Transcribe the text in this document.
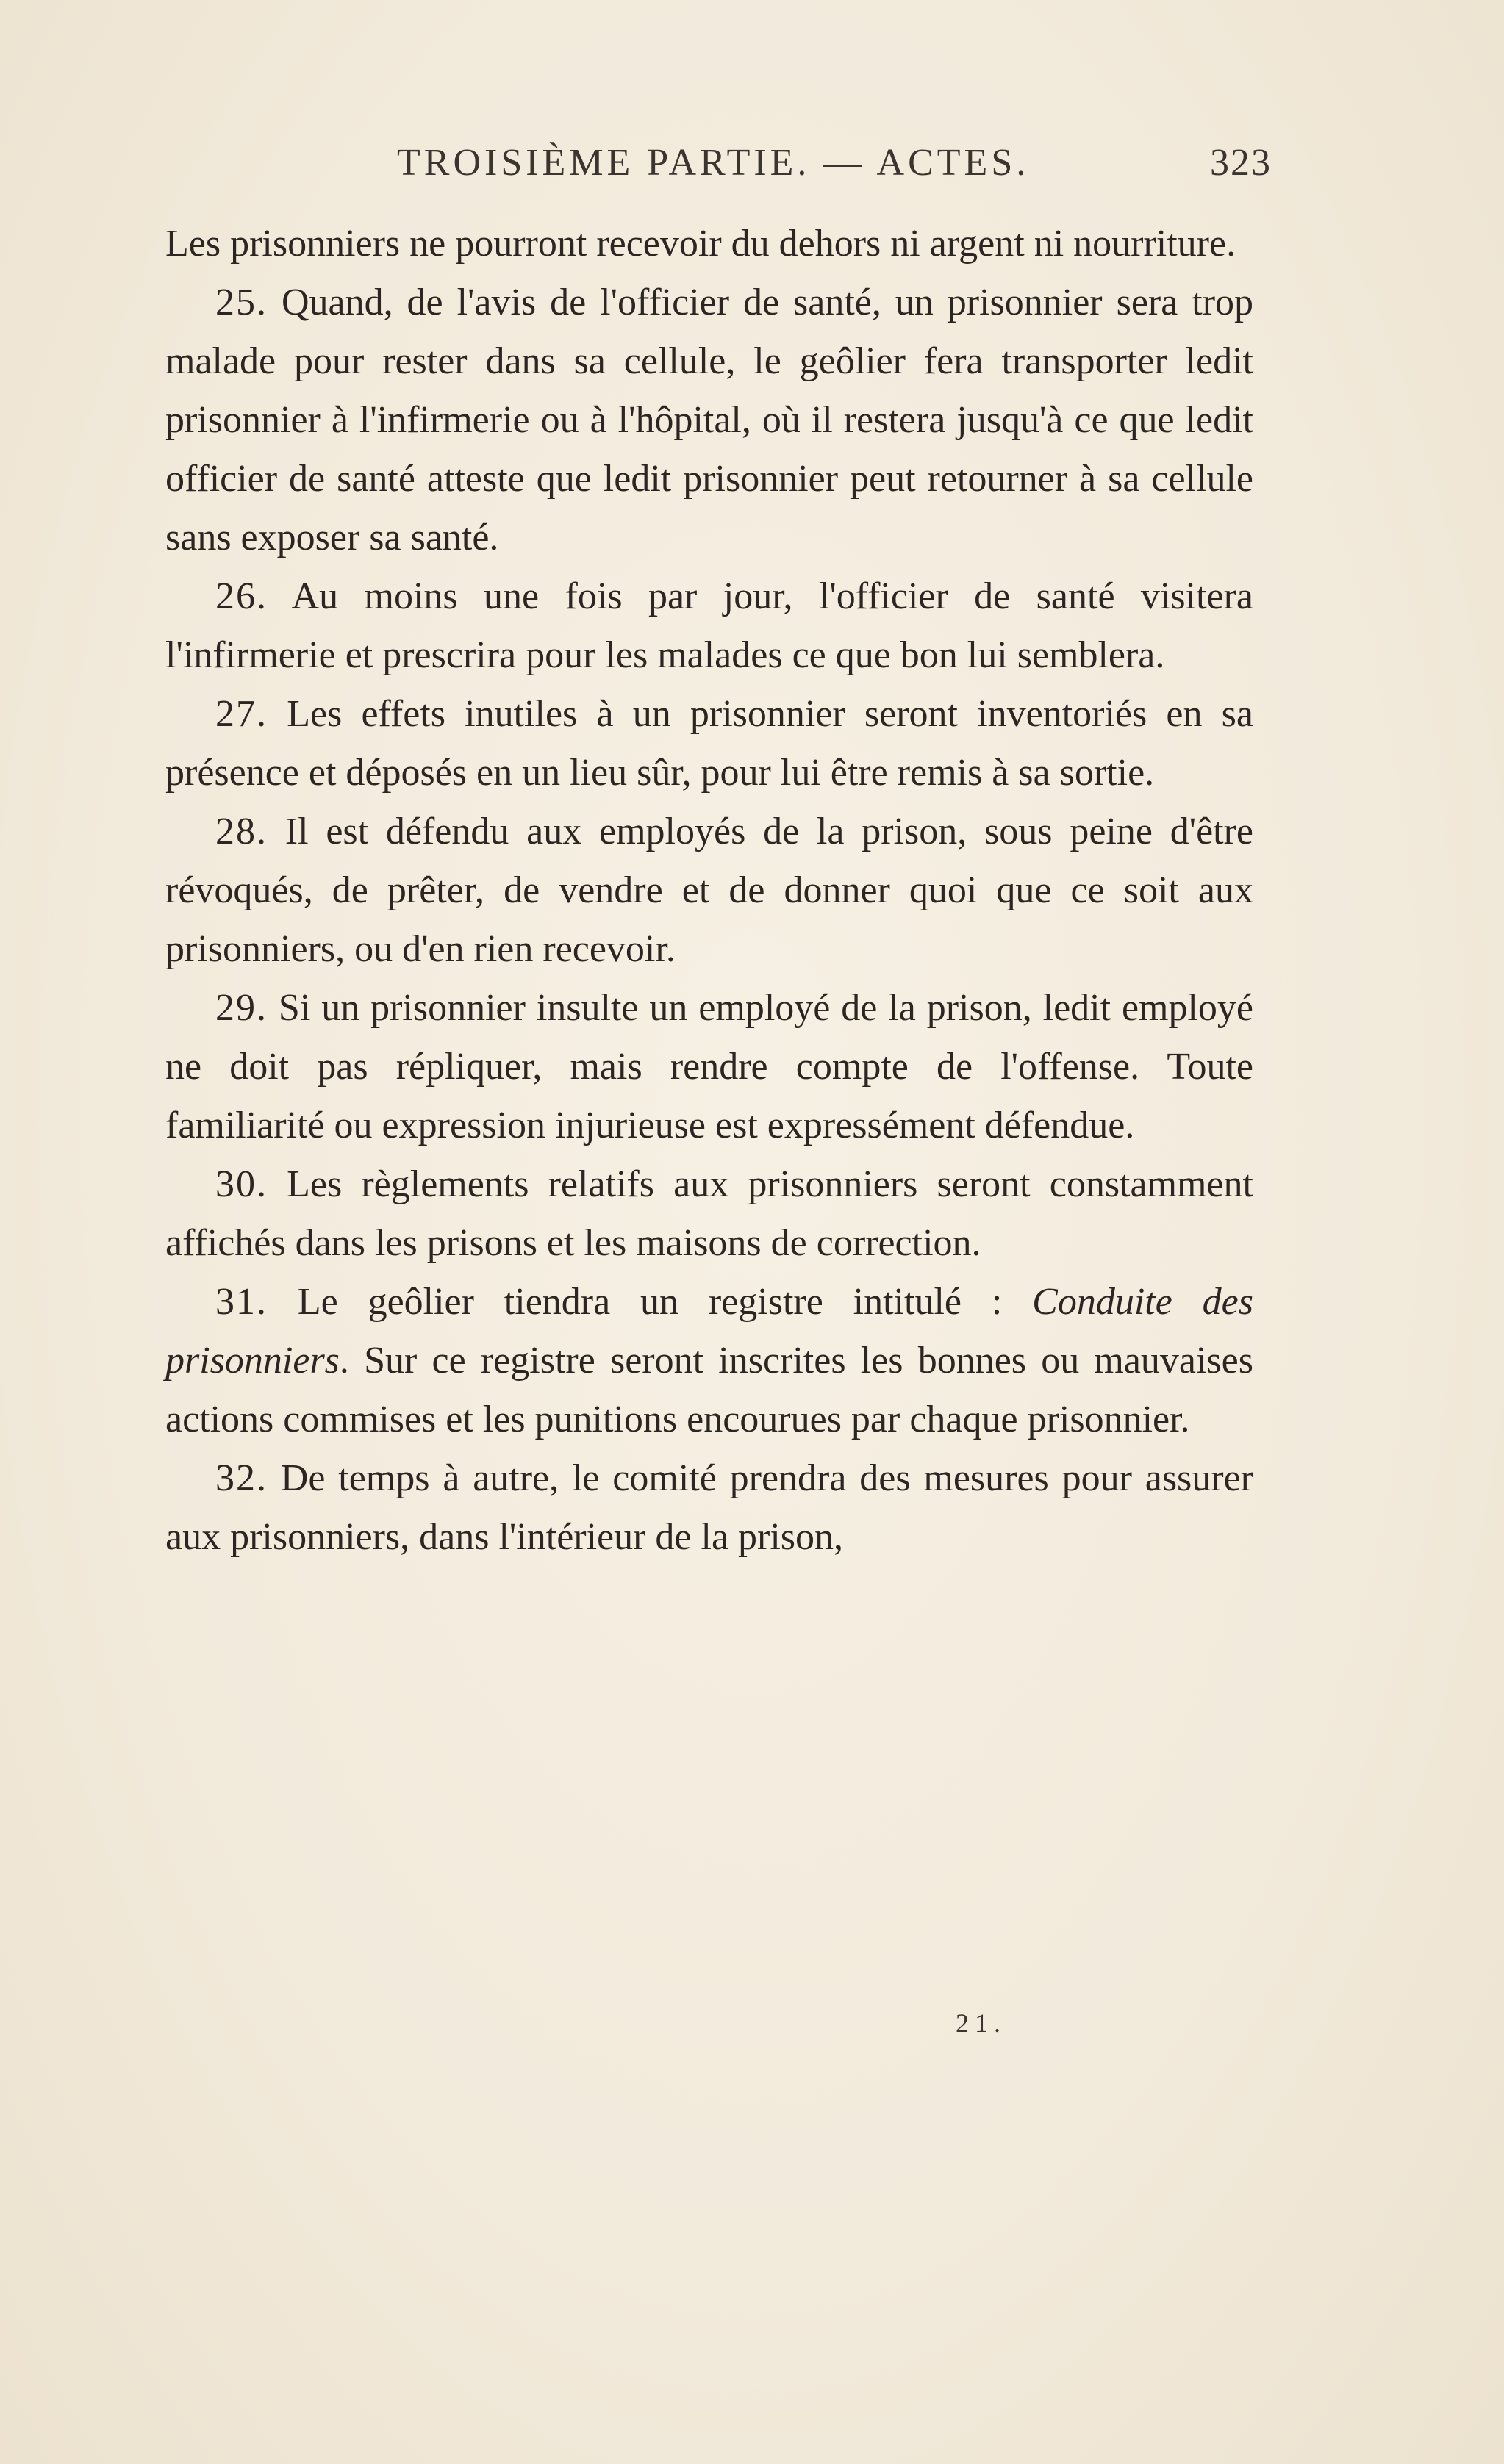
TROISIÈME PARTIE. — ACTES.	323

Les prisonniers ne pourront recevoir du dehors ni argent ni nourriture.

25. Quand, de l'avis de l'officier de santé, un prisonnier sera trop malade pour rester dans sa cellule, le geôlier fera transporter ledit prisonnier à l'infirmerie ou à l'hôpital, où il restera jusqu'à ce que ledit officier de santé atteste que ledit prisonnier peut retourner à sa cellule sans exposer sa santé.

26. Au moins une fois par jour, l'officier de santé visitera l'infirmerie et prescrira pour les malades ce que bon lui semblera.

27. Les effets inutiles à un prisonnier seront inventoriés en sa présence et déposés en un lieu sûr, pour lui être remis à sa sortie.

28. Il est défendu aux employés de la prison, sous peine d'être révoqués, de prêter, de vendre et de donner quoi que ce soit aux prisonniers, ou d'en rien recevoir.

29. Si un prisonnier insulte un employé de la prison, ledit employé ne doit pas répliquer, mais rendre compte de l'offense. Toute familiarité ou expression injurieuse est expressément défendue.

30. Les règlements relatifs aux prisonniers seront constamment affichés dans les prisons et les maisons de correction.

31. Le geôlier tiendra un registre intitulé : Conduite des prisonniers. Sur ce registre seront inscrites les bonnes ou mauvaises actions commises et les punitions encourues par chaque prisonnier.

32. De temps à autre, le comité prendra des mesures pour assurer aux prisonniers, dans l'intérieur de la prison,

21.
